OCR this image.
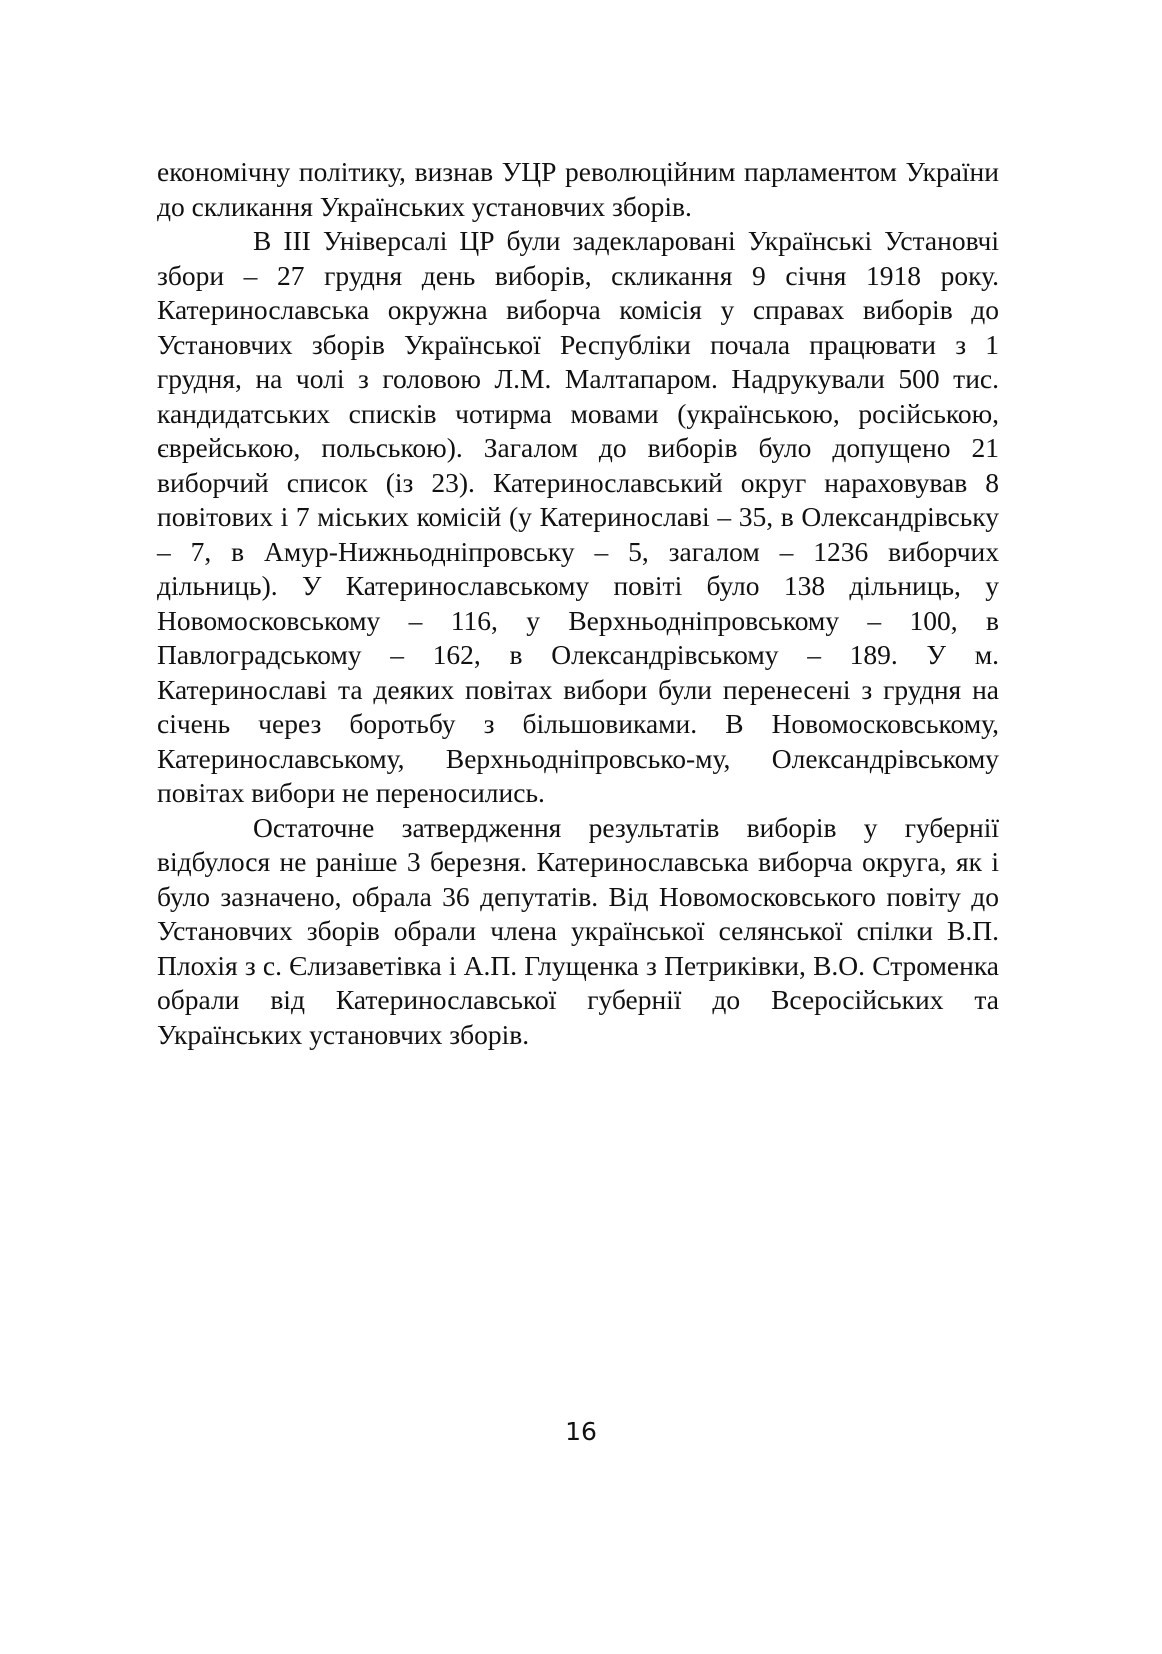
економічну політику, визнав УЦР революційним парламентом України до скликання Українських установчих зборів.

В ІІІ Універсалі ЦР були задекларовані Українські Установчі збори – 27 грудня день виборів, скликання 9 січня 1918 року. Катеринославська окружна виборча комісія у справах виборів до Установчих зборів Української Республіки почала працювати з 1 грудня, на чолі з головою Л.М. Малтапаром. Надрукували 500 тис. кандидатських списків чотирма мовами (українською, російською, єврейською, польською). Загалом до виборів було допущено 21 виборчий список (із 23). Катеринославський округ нараховував 8 повітових і 7 міських комісій (у Катеринославі – 35, в Олександрівську – 7, в Амур-Нижньодніпровську – 5, загалом – 1236 виборчих дільниць). У Катеринославському повіті було 138 дільниць, у Новомосковському – 116, у Верхньодніпровському – 100, в Павлоградському – 162, в Олександрівському – 189. У м. Катеринославі та деяких повітах вибори були перенесені з грудня на січень через боротьбу з більшовиками. В Новомосковському, Катеринославському, Верхньодніпровсько-му, Олександрівському повітах вибори не переносились.

Остаточне затвердження результатів виборів у губернії відбулося не раніше 3 березня. Катеринославська виборча округа, як і було зазначено, обрала 36 депутатів. Від Новомосковського повіту до Установчих зборів обрали члена української селянської спілки В.П. Плохія з с. Єлизаветівка і А.П. Глущенка з Петриківки, В.О. Строменка обрали від Катеринославської губернії до Всеросійських та Українських установчих зборів.

16
